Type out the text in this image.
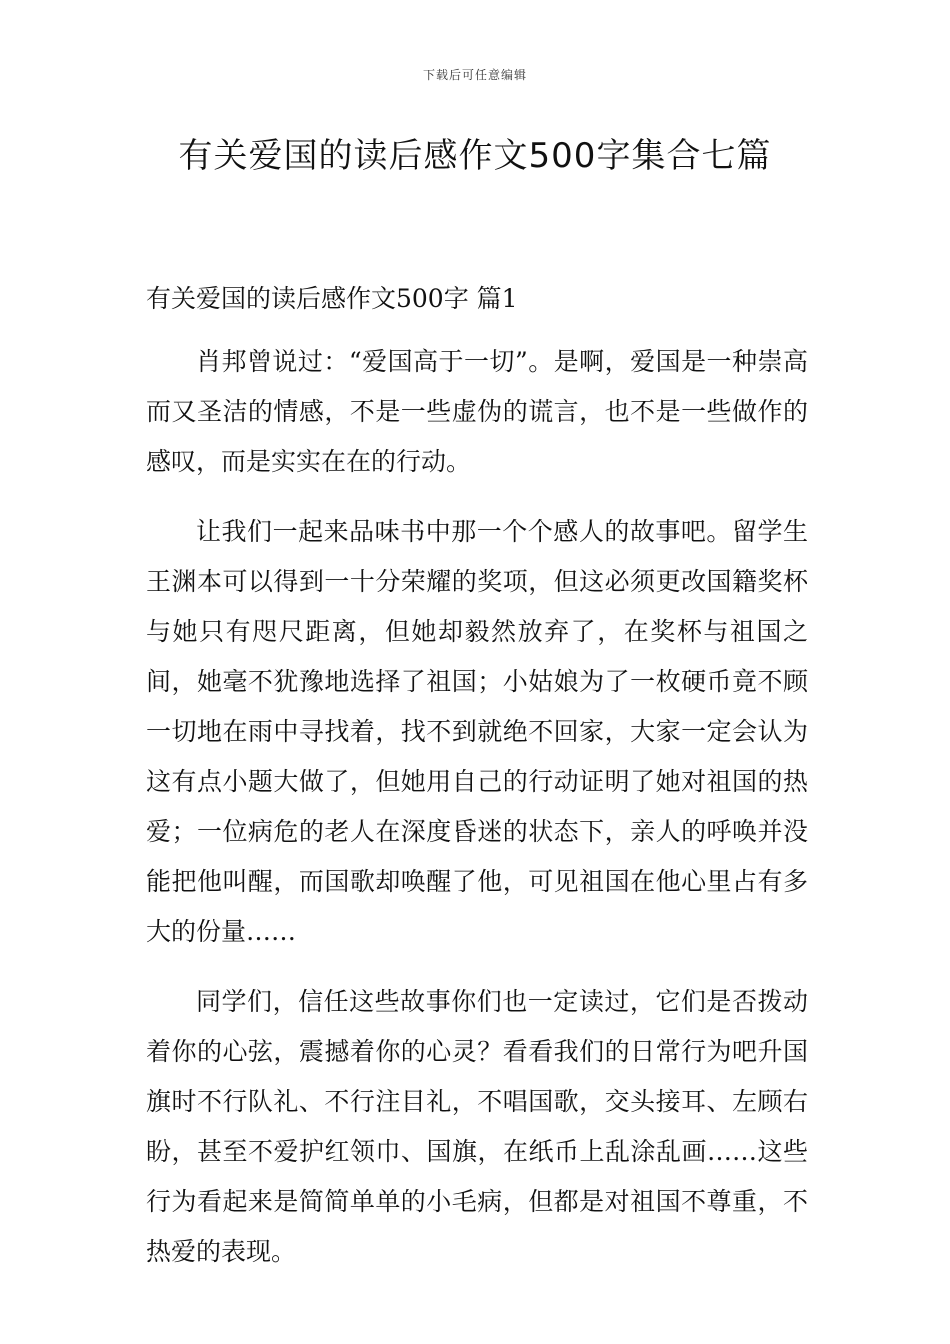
下载后可任意编辑
有关爱国的读后感作文500字集合七篇
有关爱国的读后感作文500字 篇1

肖邦曾说过：“爱国高于一切”。是啊，爱国是一种崇高而又圣洁的情感，不是一些虚伪的谎言，也不是一些做作的感叹，而是实实在在的行动。

让我们一起来品味书中那一个个感人的故事吧。留学生王渊本可以得到一十分荣耀的奖项，但这必须更改国籍奖杯与她只有咫尺距离，但她却毅然放弃了，在奖杯与祖国之间，她毫不犹豫地选择了祖国；小姑娘为了一枚硬币竟不顾一切地在雨中寻找着，找不到就绝不回家，大家一定会认为这有点小题大做了，但她用自己的行动证明了她对祖国的热爱；一位病危的老人在深度昏迷的状态下，亲人的呼唤并没能把他叫醒，而国歌却唤醒了他，可见祖国在他心里占有多大的份量……

同学们，信任这些故事你们也一定读过，它们是否拨动着你的心弦，震撼着你的心灵？看看我们的日常行为吧升国旗时不行队礼、不行注目礼，不唱国歌，交头接耳、左顾右盼，甚至不爱护红领巾、国旗，在纸币上乱涂乱画……这些行为看起来是简简单单的小毛病，但都是对祖国不尊重，不热爱的表现。
